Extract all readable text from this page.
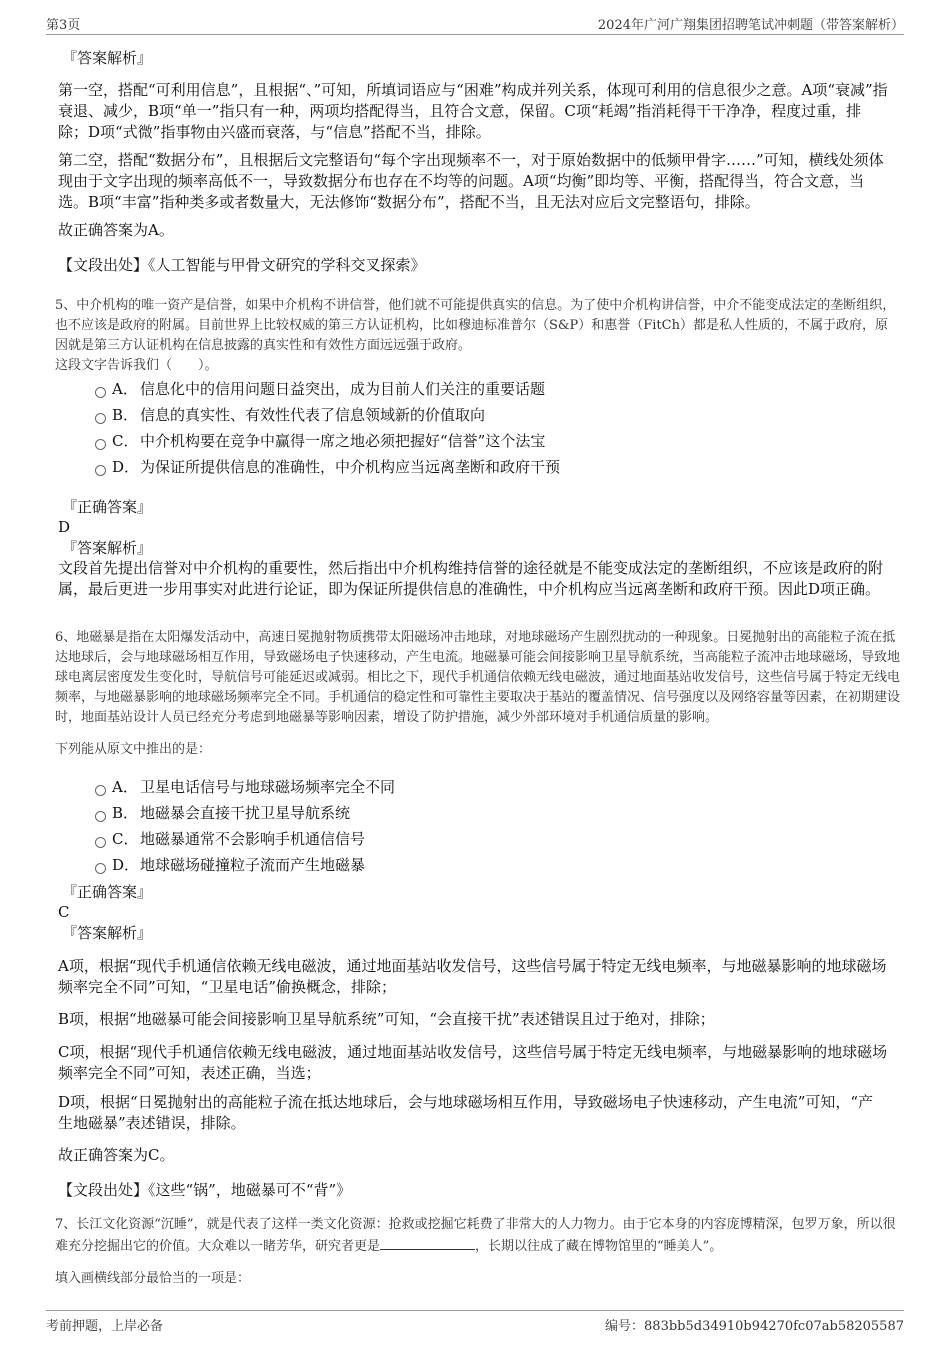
第3页	2024年广河广翔集团招聘笔试冲刺题（带答案解析）

『答案解析』

第一空，搭配“可利用信息”，且根据“、”可知，所填词语应与“困难”构成并列关系，体现可利用的信息很少之意。A项“衰减”指衰退、减少，B项“单一”指只有一种，两项均搭配得当，且符合文意，保留。C项“耗竭”指消耗得干干净净，程度过重，排除；D项“式微”指事物由兴盛而衰落，与“信息”搭配不当，排除。

第二空，搭配“数据分布”，且根据后文完整语句“每个字出现频率不一，对于原始数据中的低频甲骨字……”可知，横线处须体现由于文字出现的频率高低不一，导致数据分布也存在不均等的问题。A项“均衡”即均等、平衡，搭配得当，符合文意，当选。B项“丰富”指种类多或者数量大，无法修饰“数据分布”，搭配不当，且无法对应后文完整语句，排除。

故正确答案为A。

【文段出处】《人工智能与甲骨文研究的学科交叉探索》

5、中介机构的唯一资产是信誉，如果中介机构不讲信誉，他们就不可能提供真实的信息。为了使中介机构讲信誉，中介不能变成法定的垄断组织，也不应该是政府的附属。目前世界上比较权威的第三方认证机构，比如穆迪标准普尔（S&P）和惠誉（FitCh）都是私人性质的，不属于政府，原因就是第三方认证机构在信息披露的真实性和有效性方面远远强于政府。

这段文字告诉我们（　　）。

A． 信息化中的信用问题日益突出，成为目前人们关注的重要话题
B． 信息的真实性、有效性代表了信息领域新的价值取向
C． 中介机构要在竞争中赢得一席之地必须把握好“信誉”这个法宝
D．为保证所提供信息的准确性，中介机构应当远离垄断和政府干预

『正确答案』

D

『答案解析』

文段首先提出信誉对中介机构的重要性，然后指出中介机构维持信誉的途径就是不能变成法定的垄断组织，不应该是政府的附属，最后更进一步用事实对此进行论证，即为保证所提供信息的准确性，中介机构应当远离垄断和政府干预。因此D项正确。

6、地磁暴是指在太阳爆发活动中，高速日冕抛射物质携带太阳磁场冲击地球，对地球磁场产生剧烈扰动的一种现象。日冕抛射出的高能粒子流在抵达地球后，会与地球磁场相互作用，导致磁场电子快速移动，产生电流。地磁暴可能会间接影响卫星导航系统，当高能粒子流冲击地球磁场，导致地球电离层密度发生变化时，导航信号可能延迟或减弱。相比之下，现代手机通信依赖无线电磁波，通过地面基站收发信号，这些信号属于特定无线电频率，与地磁暴影响的地球磁场频率完全不同。手机通信的稳定性和可靠性主要取决于基站的覆盖情况、信号强度以及网络容量等因素，在初期建设时，地面基站设计人员已经充分考虑到地磁暴等影响因素，增设了防护措施，减少外部环境对手机通信质量的影响。

下列能从原文中推出的是：

A． 卫星电话信号与地球磁场频率完全不同
B． 地磁暴会直接干扰卫星导航系统
C． 地磁暴通常不会影响手机通信信号
D．地球磁场碰撞粒子流而产生地磁暴

『正确答案』

C

『答案解析』

A项，根据“现代手机通信依赖无线电磁波，通过地面基站收发信号，这些信号属于特定无线电频率，与地磁暴影响的地球磁场频率完全不同”可知，“卫星电话”偷换概念，排除；

B项，根据“地磁暴可能会间接影响卫星导航系统”可知，“会直接干扰”表述错误且过于绝对，排除；

C项，根据“现代手机通信依赖无线电磁波，通过地面基站收发信号，这些信号属于特定无线电频率，与地磁暴影响的地球磁场频率完全不同”可知，表述正确，当选；

D项，根据“日冕抛射出的高能粒子流在抵达地球后，会与地球磁场相互作用，导致磁场电子快速移动，产生电流”可知，“产生地磁暴”表述错误，排除。

故正确答案为C。

【文段出处】《这些“锅”，地磁暴可不“背”》

7、长江文化资源“沉睡”，就是代表了这样一类文化资源：抢救或挖掘它耗费了非常大的人力物力。由于它本身的内容庞博精深，包罗万象，所以很难充分挖掘出它的价值。大众难以一睹芳华，研究者更是	，长期以往成了藏在博物馆里的“睡美人”。

填入画横线部分最恰当的一项是：

考前押题，上岸必备	编号：883bb5d34910b94270fc07ab58205587
